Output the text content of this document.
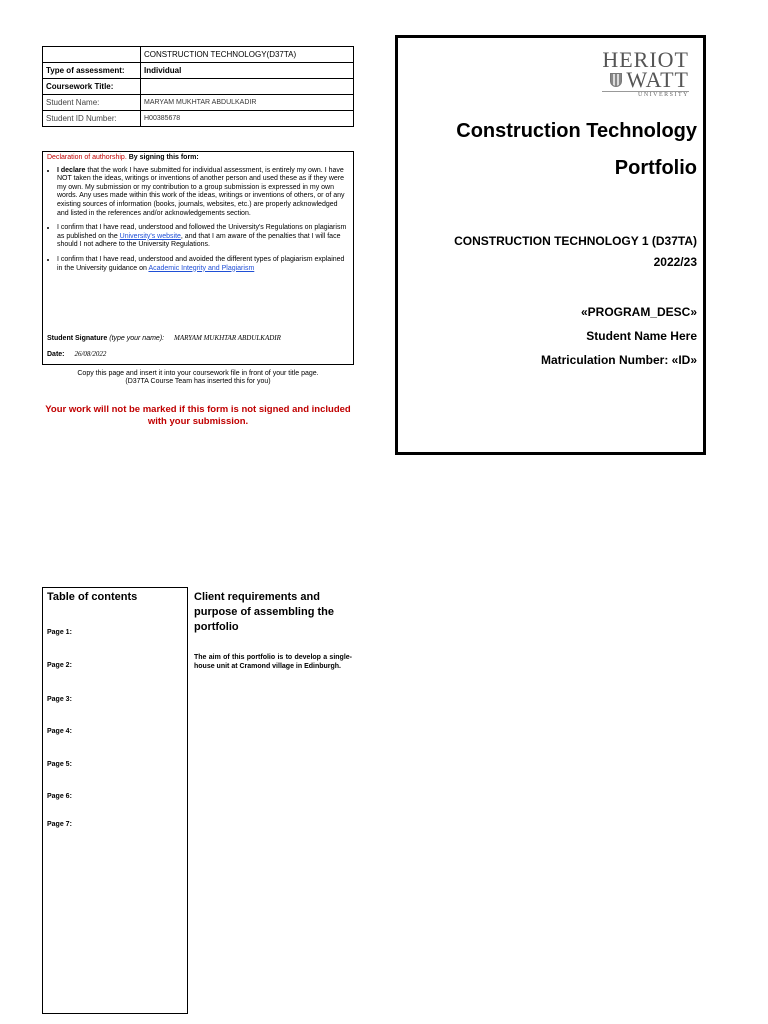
	CONSTRUCTION TECHNOLOGY(D37TA)
Type of assessment:	Individual
Coursework Title:	
Student Name:	MARYAM MUKHTAR ABDULKADIR
Student ID Number:	H00385678
Declaration of authorship. By signing this form:
• I declare that the work I have submitted for individual assessment, is entirely my own. I have NOT taken the ideas, writings or inventions of another person and used these as if they were my own. My submission or my contribution to a group submission is expressed in my own words. Any uses made within this work of the ideas, writings or inventions of others, or of any existing sources of information (books, journals, websites, etc.) are properly acknowledged and listed in the references and/or acknowledgements section.
• I confirm that I have read, understood and followed the University's Regulations on plagiarism as published on the University's website, and that I am aware of the penalties that I will face should I not adhere to the University Regulations.
• I confirm that I have read, understood and avoided the different types of plagiarism explained in the University guidance on Academic Integrity and Plagiarism
Student Signature (type your name): MARYAM MUKHTAR ABDULKADIR
Date: 26/08/2022
Copy this page and insert it into your coursework file in front of your title page.
(D37TA Course Team has inserted this for you)
Your work will not be marked if this form is not signed and included with your submission.
HERIOT
WATT
UNIVERSITY
Construction Technology
Portfolio
CONSTRUCTION TECHNOLOGY 1 (D37TA)
2022/23
«PROGRAM_DESC»
Student Name Here
Matriculation Number: «ID»
Table of contents
Page 1:
Page 2:
Page 3:
Page 4:
Page 5:
Page 6:
Page 7:
Client requirements and purpose of assembling the portfolio
The aim of this portfolio is to develop a single-house unit at Cramond village in Edinburgh.
